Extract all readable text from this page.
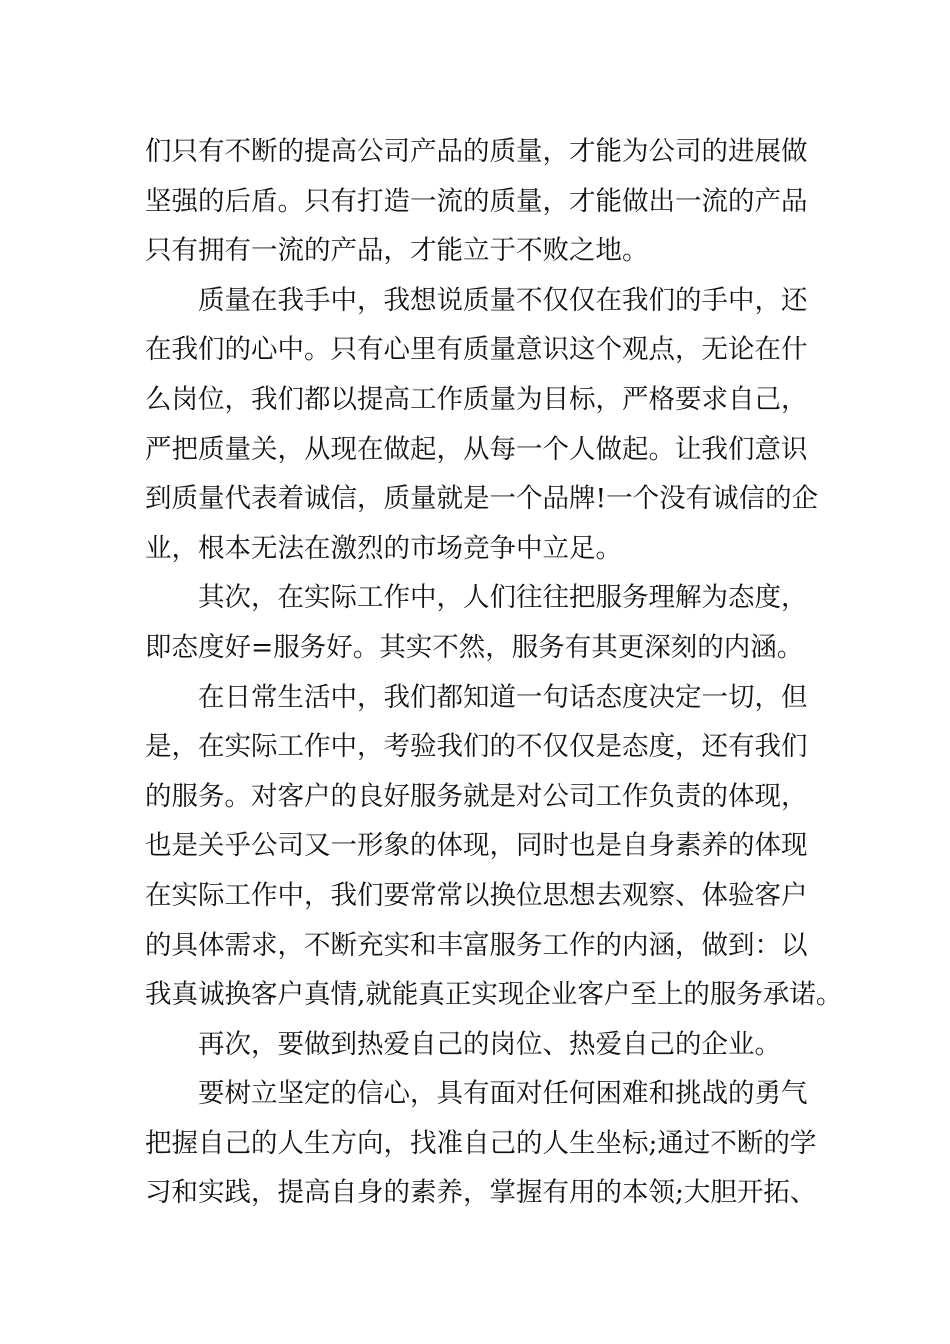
们只有不断的提高公司产品的质量，才能为公司的进展做
坚强的后盾。只有打造一流的质量，才能做出一流的产品
只有拥有一流的产品，才能立于不败之地。
质量在我手中，我想说质量不仅仅在我们的手中，还
在我们的心中。只有心里有质量意识这个观点，无论在什
么岗位，我们都以提高工作质量为目标，严格要求自己，
严把质量关，从现在做起，从每一个人做起。让我们意识
到质量代表着诚信，质量就是一个品牌!一个没有诚信的企
业，根本无法在激烈的市场竞争中立足。
其次，在实际工作中，人们往往把服务理解为态度，
即态度好=服务好。其实不然，服务有其更深刻的内涵。
在日常生活中，我们都知道一句话态度决定一切，但
是，在实际工作中，考验我们的不仅仅是态度，还有我们
的服务。对客户的良好服务就是对公司工作负责的体现，
也是关乎公司又一形象的体现，同时也是自身素养的体现
在实际工作中，我们要常常以换位思想去观察、体验客户
的具体需求，不断充实和丰富服务工作的内涵，做到：以
我真诚换客户真情,就能真正实现企业客户至上的服务承诺。
再次，要做到热爱自己的岗位、热爱自己的企业。
要树立坚定的信心，具有面对任何困难和挑战的勇气
把握自己的人生方向，找准自己的人生坐标;通过不断的学
习和实践，提高自身的素养，掌握有用的本领;大胆开拓、
